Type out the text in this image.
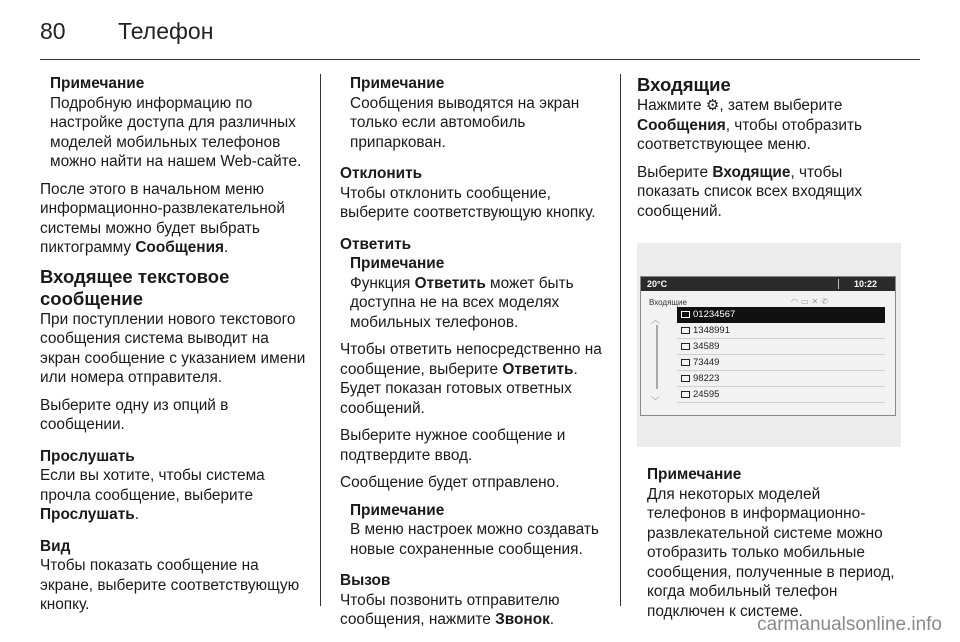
80 Телефон
Примечание
Подробную информацию по настройке доступа для различных моделей мобильных телефонов можно найти на нашем Web-сайте.

После этого в начальном меню информационно-развлекательной системы можно будет выбрать пиктограмму Сообщения.

Входящее текстовое сообщение

При поступлении нового текстового сообщения система выводит на экран сообщение с указанием имени или номера отправителя.

Выберите одну из опций в сообщении.

Прослушать

Если вы хотите, чтобы система прочла сообщение, выберите Прослушать.

Вид

Чтобы показать сообщение на экране, выберите соответствующую кнопку.

Примечание
Сообщения выводятся на экран только если автомобиль припаркован.
Отклонить

Чтобы отклонить сообщение, выберите соответствующую кнопку.

Ответить
Примечание
Функция Ответить может быть доступна не на всех моделях мобильных телефонов.

Чтобы ответить непосредственно на сообщение, выберите Ответить. Будет показан готовых ответных сообщений.

Выберите нужное сообщение и подтвердите ввод.

Сообщение будет отправлено.

Примечание
В меню настроек можно создавать новые сохраненные сообщения.
Вызов

Чтобы позвонить отправителю сообщения, нажмите Звонок.

Входящие

Нажмите ⚙, затем выберите Сообщения, чтобы отобразить соответствующее меню.

Выберите Входящие, чтобы показать список всех входящих сообщений.

20°C	10:22
Входящие	◠▭✕✆
︿
﹀
01234567
1348991
34589
73449
98223
24595
Примечание
Для некоторых моделей телефонов в информационно-развлекательной системе можно отобразить только мобильные сообщения, полученные в период, когда мобильный телефон подключен к системе.
carmanualsonline.info
